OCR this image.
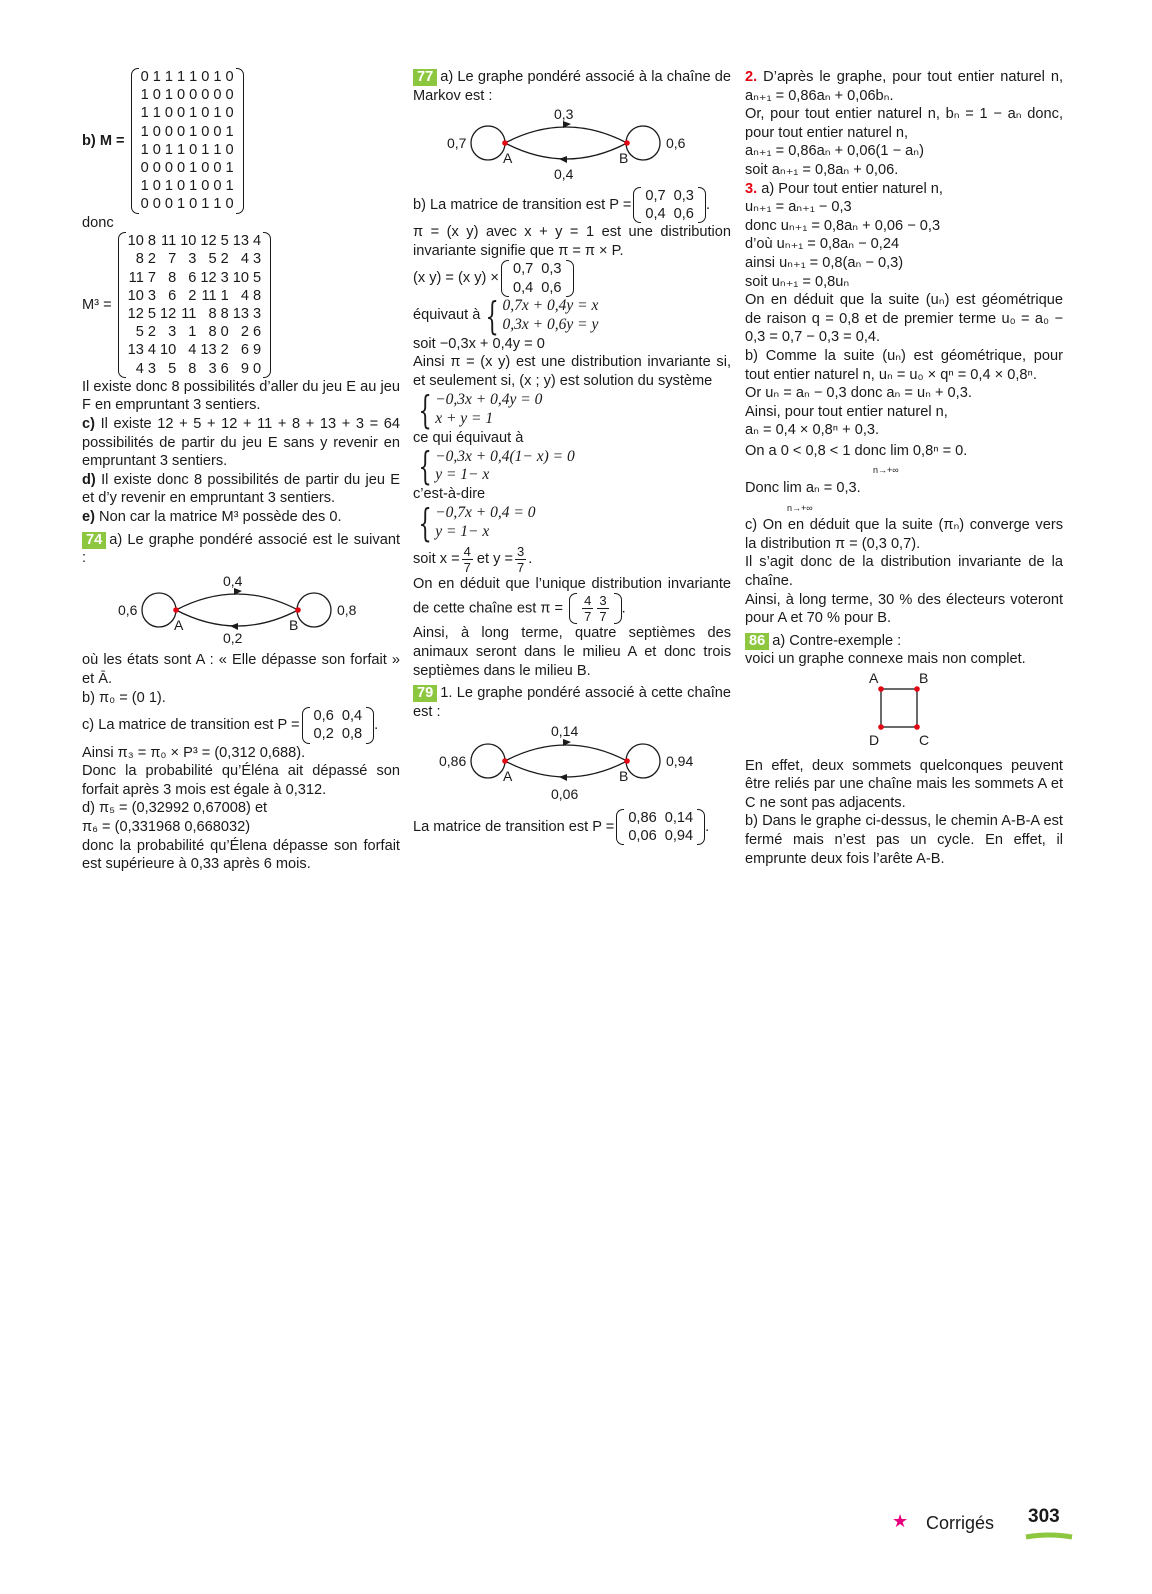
b) M =
0	1	1	1	1	0	1	0
1	0	1	0	0	0	0	0
1	1	0	0	1	0	1	0
1	0	0	0	1	0	0	1
1	0	1	1	0	1	1	0
0	0	0	0	1	0	0	1
1	0	1	0	1	0	0	1
0	0	0	1	0	1	1	0

donc

M³ =
10	8	11	10	12	5	13	4
8	2	7	3	5	2	4	3
11	7	8	6	12	3	10	5
10	3	6	2	11	1	4	8
12	5	12	11	8	8	13	3
5	2	3	1	8	0	2	6
13	4	10	4	13	2	6	9
4	3	5	8	3	6	9	0

Il existe donc 8 possibilités d’aller du jeu E au jeu F en empruntant 3 sentiers.

c) Il existe 12 + 5 + 12 + 11 + 8 + 13 + 3 = 64 possibilités de partir du jeu E sans y revenir en empruntant 3 sentiers.

d) Il existe donc 8 possibilités de partir du jeu E et d’y revenir en empruntant 3 sentiers.

e) Non car la matrice M³ possède des 0.

74 a) Le graphe pondéré associé est le suivant :

0,6	0,8
0,4
0,2
A	B

où les états sont A : « Elle dépasse son forfait » et Ā.

b) π₀ = (0 1).

c) La matrice de transition est P =
0,6	0,4
0,2	0,8
.

Ainsi π₃ = π₀ × P³ = (0,312 0,688).

Donc la probabilité qu’Éléna ait dépassé son forfait après 3 mois est égale à 0,312.

d) π₅ = (0,32992 0,67008) et

π₆ = (0,331968 0,668032)

donc la probabilité qu’Élena dépasse son forfait est supérieure à 0,33 après 6 mois.

77 a) Le graphe pondéré associé à la chaîne de Markov est :

0,7	0,6
0,3
0,4
A	B
b) La matrice de transition est P =
0,7	0,3
0,4	0,6
.

π = (x y) avec x + y = 1 est une distribution invariante signifie que π = π × P.

(x y) = (x y) ×
0,7	0,3
0,4	0,6
équivaut à { 0,7x + 0,4y = x
0,3x + 0,6y = y

soit −0,3x + 0,4y = 0

Ainsi π = (x y) est une distribution invariante si, et seulement si, (x ; y) est solution du système

{ −0,3x + 0,4y = 0
x + y = 1

ce qui équivaut à

{ −0,3x + 0,4(1− x) = 0
y = 1− x

c’est-à-dire

{ −0,7x + 0,4 = 0
y = 1− x
soit $x = \frac{4}{7}$ et $y = \frac{3}{7}$ .

On en déduit que l’unique distribution invariante de cette chaîne est $\pi = \frac{4}{7} \frac{3}{7}$ .

Ainsi, à long terme, quatre septièmes des animaux seront dans le milieu A et donc trois septièmes dans le milieu B.

79 1. Le graphe pondéré associé à cette chaîne est :

0,86	0,94
0,14
0,06
A	B
La matrice de transition est P =
0,86	0,14
0,06	0,94
.

2. D’après le graphe, pour tout entier naturel n, aₙ₊₁ = 0,86aₙ + 0,06bₙ.

Or, pour tout entier naturel n, bₙ = 1 − aₙ donc, pour tout entier naturel n,

aₙ₊₁ = 0,86aₙ + 0,06(1 − aₙ)

soit aₙ₊₁ = 0,8aₙ + 0,06.

3. a) Pour tout entier naturel n,

uₙ₊₁ = aₙ₊₁ − 0,3

donc uₙ₊₁ = 0,8aₙ + 0,06 − 0,3

d’où uₙ₊₁ = 0,8aₙ − 0,24

ainsi uₙ₊₁ = 0,8(aₙ − 0,3)

soit uₙ₊₁ = 0,8uₙ

On en déduit que la suite (uₙ) est géométrique de raison q = 0,8 et de premier terme u₀ = a₀ − 0,3 = 0,7 − 0,3 = 0,4.

b) Comme la suite (uₙ) est géométrique, pour tout entier naturel n, uₙ = u₀ × qⁿ = 0,4 × 0,8ⁿ.

Or uₙ = aₙ − 0,3 donc aₙ = uₙ + 0,3.

Ainsi, pour tout entier naturel n,

aₙ = 0,4 × 0,8ⁿ + 0,3.

On a 0 < 0,8 < 1 donc lim 0,8ⁿ = 0.
n→+∞

Donc lim aₙ = 0,3.
n→+∞

c) On en déduit que la suite (πₙ) converge vers la distribution π = (0,3 0,7).

Il s’agit donc de la distribution invariante de la chaîne.

Ainsi, à long terme, 30 % des électeurs voteront pour A et 70 % pour B.

86 a) Contre-exemple :

voici un graphe connexe mais non complet.

A	B
C
D

En effet, deux sommets quelconques peuvent être reliés par une chaîne mais les sommets A et C ne sont pas adjacents.

b) Dans le graphe ci-dessus, le chemin A-B-A est fermé mais n’est pas un cycle. En effet, il emprunte deux fois l’arête A-B.

★ Corrigés 303
